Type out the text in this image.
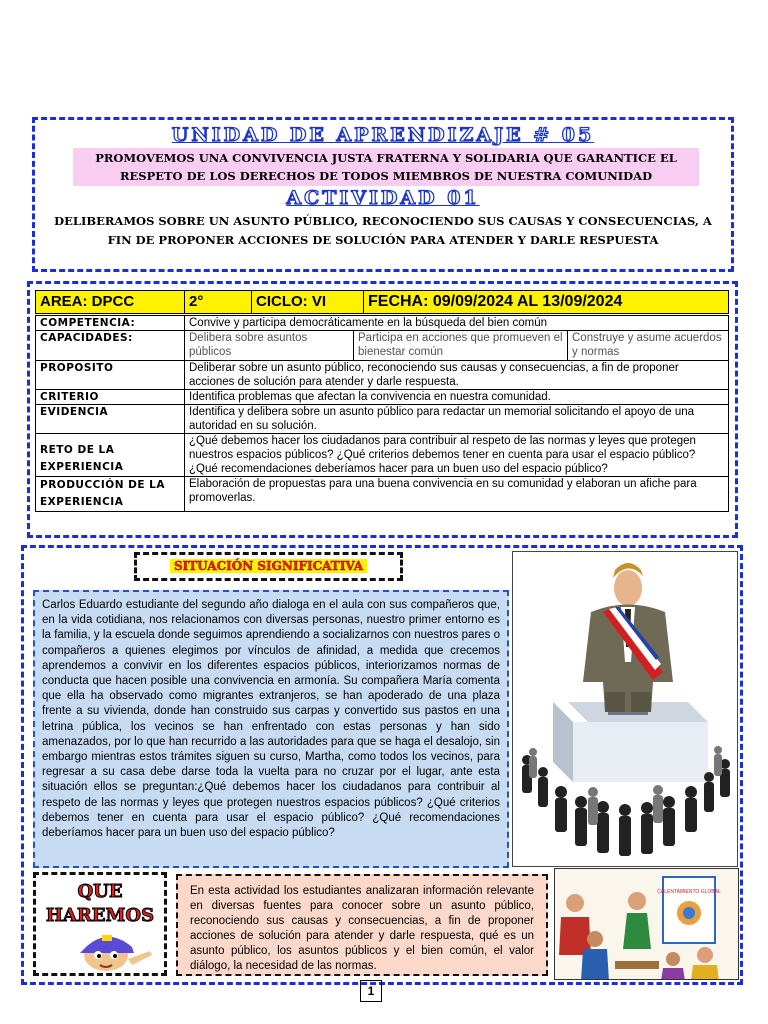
UNIDAD DE APRENDIZAJE # 05
PROMOVEMOS UNA CONVIVENCIA JUSTA FRATERNA Y SOLIDARIA QUE GARANTICE EL RESPETO DE LOS DERECHOS DE TODOS MIEMBROS DE NUESTRA COMUNIDAD
ACTIVIDAD 01
DELIBERAMOS SOBRE UN ASUNTO PÚBLICO, RECONOCIENDO SUS CAUSAS Y CONSECUENCIAS, A FIN DE PROPONER ACCIONES DE SOLUCIÓN PARA ATENDER Y DARLE RESPUESTA
AREA: DPCC	2°	CICLO: VI	FECHA: 09/09/2024 AL 13/09/2024
COMPETENCIA:	Convive y participa democráticamente en la búsqueda del bien común		
CAPACIDADES:	Delibera sobre asuntos públicos	Participa en acciones que promueven el bienestar común	Construye y asume acuerdos y normas
PROPOSITO	Deliberar sobre un asunto público, reconociendo sus causas y consecuencias, a fin de proponer acciones de solución para atender y darle respuesta.		
CRITERIO	Identifica problemas que afectan la convivencia en nuestra comunidad.		
EVIDENCIA	Identifica y delibera sobre un asunto público para redactar un memorial solicitando el apoyo de una autoridad en su solución.		
RETO DE LA EXPERIENCIA	¿Qué debemos hacer los ciudadanos para contribuir al respeto de las normas y leyes que protegen nuestros espacios públicos? ¿Qué criterios debemos tener en cuenta para usar el espacio público? ¿Qué recomendaciones deberíamos hacer para un buen uso del espacio público?		
PRODUCCIÓN DE LA EXPERIENCIA	Elaboración de propuestas para una buena convivencia en su comunidad y elaboran un afiche para promoverlas.		
SITUACIÓN SIGNIFICATIVA
Carlos Eduardo estudiante del segundo año dialoga en el aula con sus compañeros que, en la vida cotidiana, nos relacionamos con diversas personas, nuestro primer entorno es la familia, y la escuela donde seguimos aprendiendo a socializarnos con nuestros pares o compañeros a quienes elegimos por vínculos de afinidad, a medida que crecemos aprendemos a convivir en los diferentes espacios públicos, interiorizamos normas de conducta que hacen posible una convivencia en armonía. Su compañera María comenta que ella ha observado como migrantes extranjeros, se han apoderado de una plaza frente a su vivienda, donde han construido sus carpas y convertido sus pastos en una letrina pública, los vecinos se han enfrentado con estas personas y han sido amenazados, por lo que han recurrido a las autoridades para que se haga el desalojo, sin embargo mientras estos trámites siguen su curso, Martha, como todos los vecinos, para regresar a su casa debe darse toda la vuelta para no cruzar por el lugar, ante esta situación ellos se preguntan:¿Qué debemos hacer los ciudadanos para contribuir al respeto de las normas y leyes que protegen nuestros espacios públicos? ¿Qué criterios debemos tener en cuenta para usar el espacio público? ¿Qué recomendaciones deberíamos hacer para un buen uso del espacio público?
QUE
HAREMOS
En esta actividad los estudiantes analizaran información relevante en diversas fuentes para conocer sobre un asunto público, reconociendo sus causas y consecuencias, a fin de proponer acciones de solución para atender y darle respuesta, qué es un asunto público, los asuntos públicos y el bien común, el valor diálogo, la necesidad de las normas.
CALENTAMIENTO GLOBAL
1
